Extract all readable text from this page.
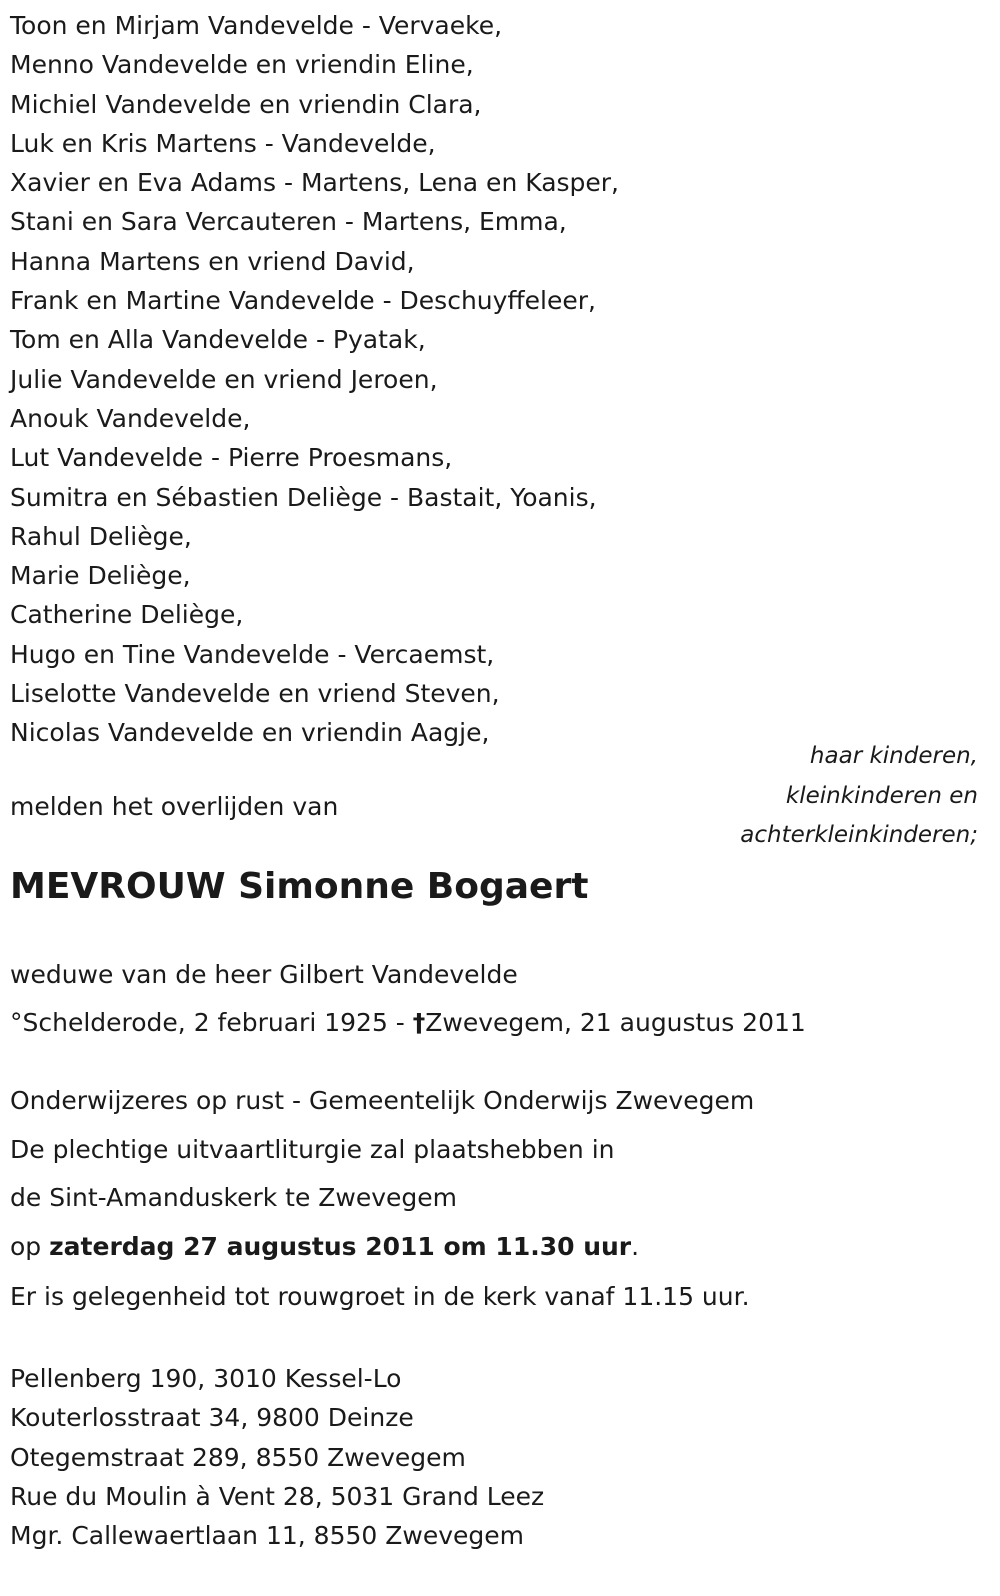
Toon en Mirjam Vandevelde - Vervaeke,
Menno Vandevelde en vriendin Eline,
Michiel Vandevelde en vriendin Clara,
Luk en Kris Martens - Vandevelde,
Xavier en Eva Adams - Martens, Lena en Kasper,
Stani en Sara Vercauteren - Martens, Emma,
Hanna Martens en vriend David,
Frank en Martine Vandevelde - Deschuyffeleer,
Tom en Alla Vandevelde - Pyatak,
Julie Vandevelde en vriend Jeroen,
Anouk Vandevelde,
Lut Vandevelde - Pierre Proesmans,
Sumitra en Sébastien Deliège - Bastait, Yoanis,
Rahul Deliège,
Marie Deliège,
Catherine Deliège,
Hugo en Tine Vandevelde - Vercaemst,
Liselotte Vandevelde en vriend Steven,
Nicolas Vandevelde en vriendin Aagje,
haar kinderen,
kleinkinderen en
achterkleinkinderen;
melden het overlijden van
MEVROUW Simonne Bogaert
weduwe van de heer Gilbert Vandevelde
°Schelderode, 2 februari 1925 - †Zwevegem, 21 augustus 2011
Onderwijzeres op rust - Gemeentelijk Onderwijs Zwevegem
De plechtige uitvaartliturgie zal plaatshebben in
de Sint-Amanduskerk te Zwevegem
op zaterdag 27 augustus 2011 om 11.30 uur.
Er is gelegenheid tot rouwgroet in de kerk vanaf 11.15 uur.
Pellenberg 190, 3010 Kessel-Lo
Kouterlosstraat 34, 9800 Deinze
Otegemstraat 289, 8550 Zwevegem
Rue du Moulin à Vent 28, 5031 Grand Leez
Mgr. Callewaertlaan 11, 8550 Zwevegem
